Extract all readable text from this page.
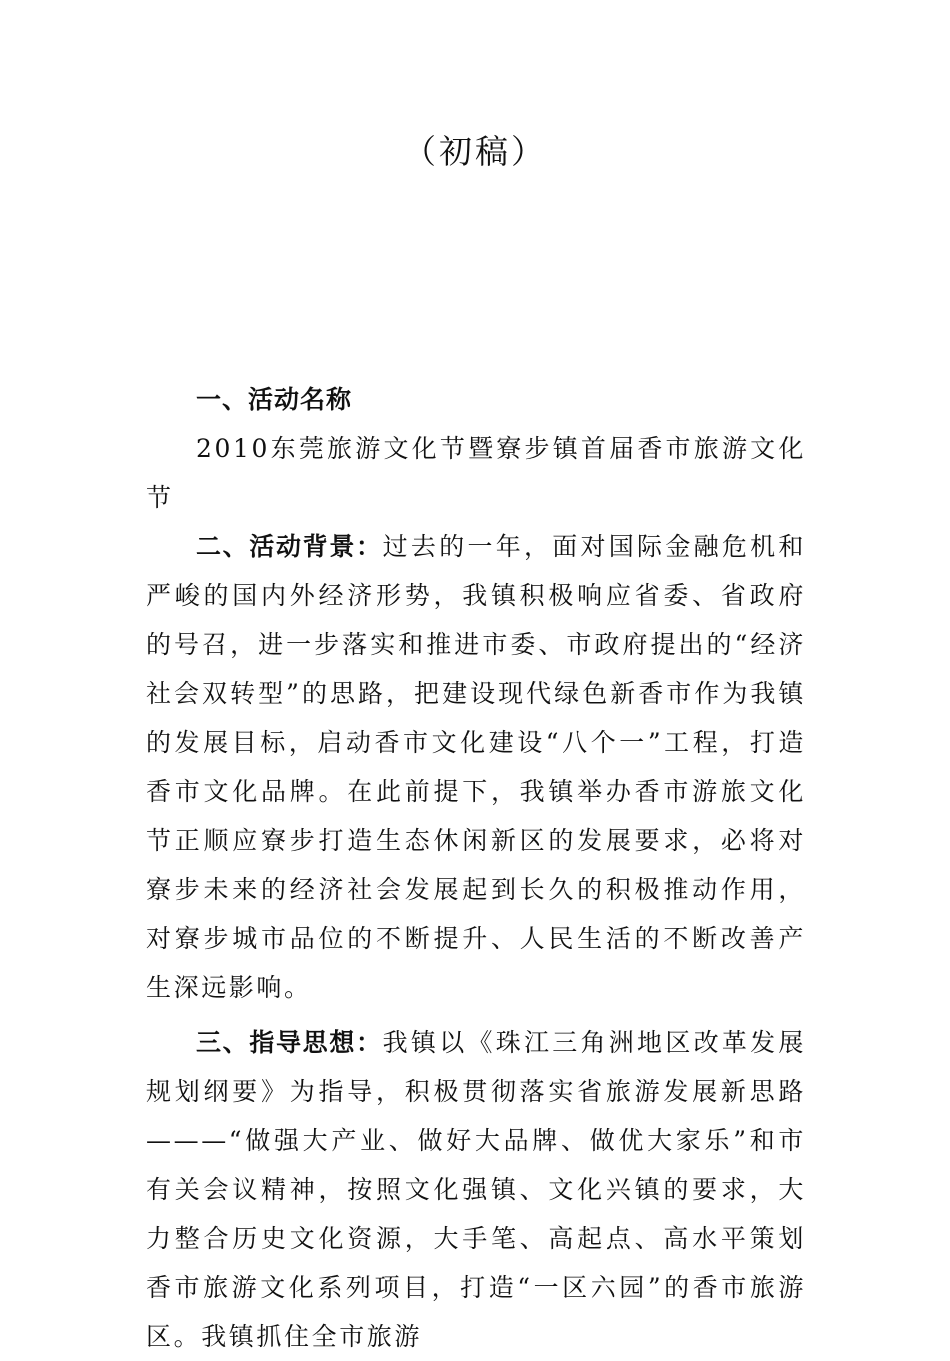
（初稿）

一、活动名称

2010东莞旅游文化节暨寮步镇首届香市旅游文化节

二、活动背景：过去的一年，面对国际金融危机和严峻的国内外经济形势，我镇积极响应省委、省政府的号召，进一步落实和推进市委、市政府提出的“经济社会双转型”的思路，把建设现代绿色新香市作为我镇的发展目标，启动香市文化建设“八个一”工程，打造香市文化品牌。在此前提下，我镇举办香市游旅文化节正顺应寮步打造生态休闲新区的发展要求，必将对寮步未来的经济社会发展起到长久的积极推动作用，对寮步城市品位的不断提升、人民生活的不断改善产生深远影响。

三、指导思想：我镇以《珠江三角洲地区改革发展规划纲要》为指导，积极贯彻落实省旅游发展新思路———“做强大产业、做好大品牌、做优大家乐”和市有关会议精神，按照文化强镇、文化兴镇的要求，大力整合历史文化资源，大手笔、高起点、高水平策划香市旅游文化系列项目，打造“一区六园”的香市旅游区。我镇抓住全市旅游
